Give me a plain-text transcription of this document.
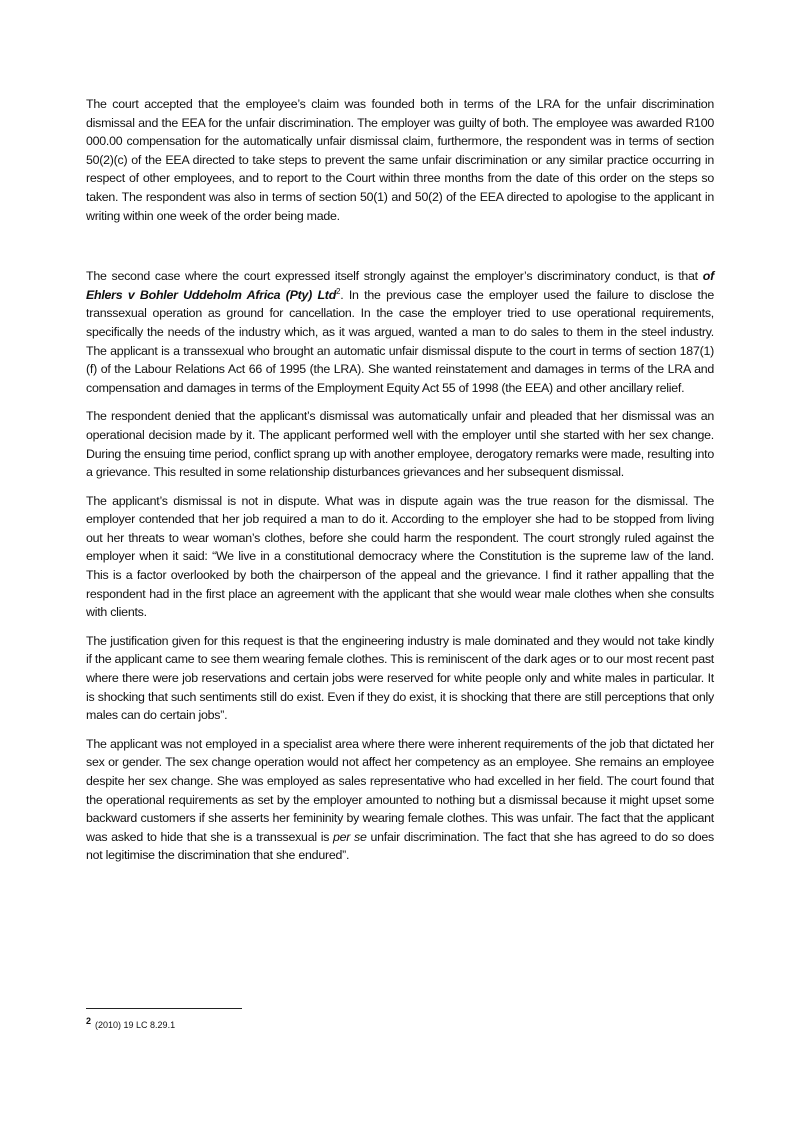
The court accepted that the employee’s claim was founded both in terms of the LRA for the unfair discrimination dismissal and the EEA for the unfair discrimination. The employer was guilty of both. The employee was awarded R100 000.00 compensation for the automatically unfair dismissal claim, furthermore, the respondent was in terms of section 50(2)(c) of the EEA directed to take steps to prevent the same unfair discrimination or any similar practice occurring in respect of other employees, and to report to the Court within three months from the date of this order on the steps so taken. The respondent was also in terms of section 50(1) and 50(2) of the EEA directed to apologise to the applicant in writing within one week of the order being made.

The second case where the court expressed itself strongly against the employer’s discriminatory conduct, is that of Ehlers v Bohler Uddeholm Africa (Pty) Ltd$^2$. In the previous case the employer used the failure to disclose the transsexual operation as ground for cancellation. In the case the employer tried to use operational requirements, specifically the needs of the industry which, as it was argued, wanted a man to do sales to them in the steel industry. The applicant is a transsexual who brought an automatic unfair dismissal dispute to the court in terms of section 187(1)(f) of the Labour Relations Act 66 of 1995 (the LRA). She wanted reinstatement and damages in terms of the LRA and compensation and damages in terms of the Employment Equity Act 55 of 1998 (the EEA) and other ancillary relief.

The respondent denied that the applicant’s dismissal was automatically unfair and pleaded that her dismissal was an operational decision made by it. The applicant performed well with the employer until she started with her sex change. During the ensuing time period, conflict sprang up with another employee, derogatory remarks were made, resulting into a grievance. This resulted in some relationship disturbances grievances and her subsequent dismissal.

The applicant’s dismissal is not in dispute. What was in dispute again was the true reason for the dismissal. The employer contended that her job required a man to do it. According to the employer she had to be stopped from living out her threats to wear woman’s clothes, before she could harm the respondent. The court strongly ruled against the employer when it said: “We live in a constitutional democracy where the Constitution is the supreme law of the land. This is a factor overlooked by both the chairperson of the appeal and the grievance. I find it rather appalling that the respondent had in the first place an agreement with the applicant that she would wear male clothes when she consults with clients.

The justification given for this request is that the engineering industry is male dominated and they would not take kindly if the applicant came to see them wearing female clothes. This is reminiscent of the dark ages or to our most recent past where there were job reservations and certain jobs were reserved for white people only and white males in particular. It is shocking that such sentiments still do exist. Even if they do exist, it is shocking that there are still perceptions that only males can do certain jobs”.

The applicant was not employed in a specialist area where there were inherent requirements of the job that dictated her sex or gender. The sex change operation would not affect her competency as an employee. She remains an employee despite her sex change. She was employed as sales representative who had excelled in her field. The court found that the operational requirements as set by the employer amounted to nothing but a dismissal because it might upset some backward customers if she asserts her femininity by wearing female clothes. This was unfair. The fact that the applicant was asked to hide that she is a transsexual is per se unfair discrimination. The fact that she has agreed to do so does not legitimise the discrimination that she endured”.

2 (2010) 19 LC 8.29.1
